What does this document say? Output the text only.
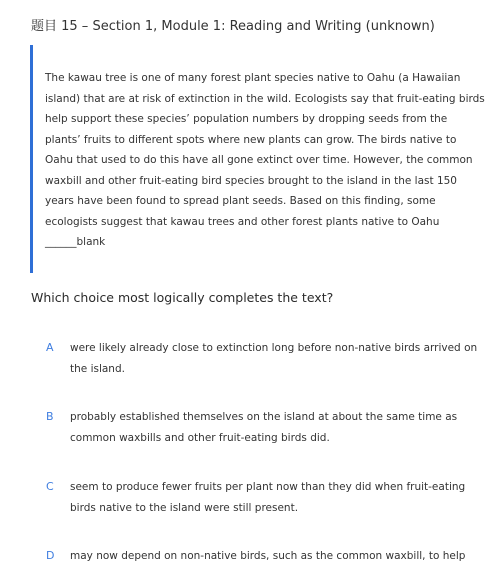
题目 15 – Section 1, Module 1: Reading and Writing (unknown)
The kawau tree is one of many forest plant species native to Oahu (a Hawaiian island) that are at risk of extinction in the wild. Ecologists say that fruit-eating birds help support these species’ population numbers by dropping seeds from the plants’ fruits to different spots where new plants can grow. The birds native to Oahu that used to do this have all gone extinct over time. However, the common waxbill and other fruit-eating bird species brought to the island in the last 150 years have been found to spread plant seeds. Based on this finding, some ecologists suggest that kawau trees and other forest plants native to Oahu ______blank
Which choice most logically completes the text?
A were likely already close to extinction long before non-native birds arrived on the island.
B probably established themselves on the island at about the same time as common waxbills and other fruit-eating birds did.
C seem to produce fewer fruits per plant now than they did when fruit-eating birds native to the island were still present.
D may now depend on non-native birds, such as the common waxbill, to help
